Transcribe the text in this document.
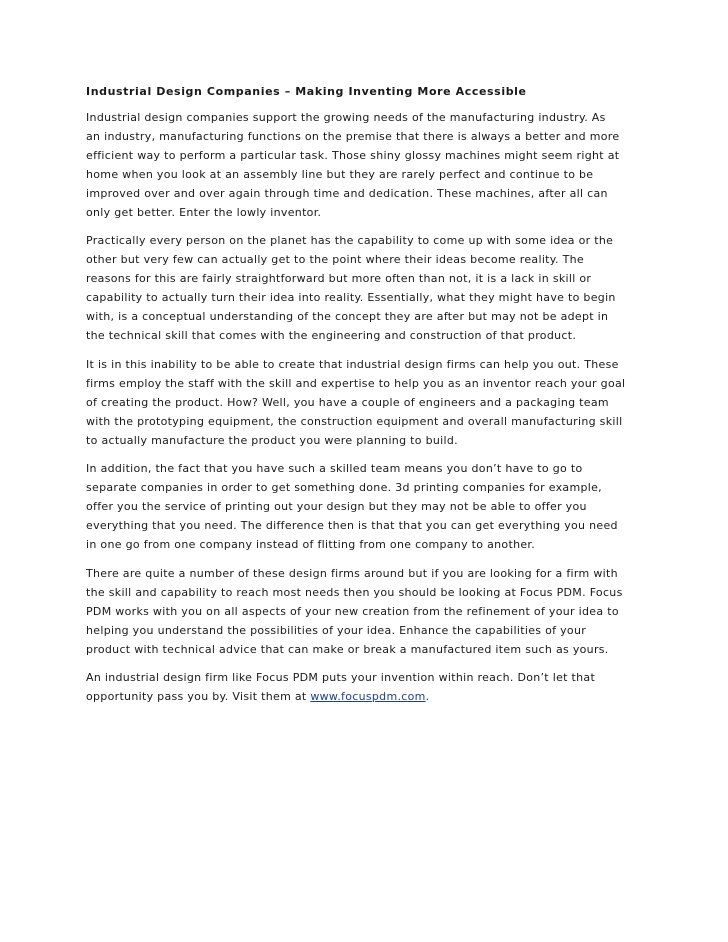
Industrial Design Companies – Making Inventing More Accessible
Industrial design companies support the growing needs of the manufacturing industry. As
an industry, manufacturing functions on the premise that there is always a better and more
efficient way to perform a particular task. Those shiny glossy machines might seem right at
home when you look at an assembly line but they are rarely perfect and continue to be
improved over and over again through time and dedication. These machines, after all can
only get better. Enter the lowly inventor.
Practically every person on the planet has the capability to come up with some idea or the
other but very few can actually get to the point where their ideas become reality. The
reasons for this are fairly straightforward but more often than not, it is a lack in skill or
capability to actually turn their idea into reality. Essentially, what they might have to begin
with, is a conceptual understanding of the concept they are after but may not be adept in
the technical skill that comes with the engineering and construction of that product.
It is in this inability to be able to create that industrial design firms can help you out. These
firms employ the staff with the skill and expertise to help you as an inventor reach your goal
of creating the product. How? Well, you have a couple of engineers and a packaging team
with the prototyping equipment, the construction equipment and overall manufacturing skill
to actually manufacture the product you were planning to build.
In addition, the fact that you have such a skilled team means you don’t have to go to
separate companies in order to get something done. 3d printing companies for example,
offer you the service of printing out your design but they may not be able to offer you
everything that you need. The difference then is that that you can get everything you need
in one go from one company instead of flitting from one company to another.
There are quite a number of these design firms around but if you are looking for a firm with
the skill and capability to reach most needs then you should be looking at Focus PDM. Focus
PDM works with you on all aspects of your new creation from the refinement of your idea to
helping you understand the possibilities of your idea. Enhance the capabilities of your
product with technical advice that can make or break a manufactured item such as yours.
An industrial design firm like Focus PDM puts your invention within reach. Don’t let that
opportunity pass you by. Visit them at www.focuspdm.com.
